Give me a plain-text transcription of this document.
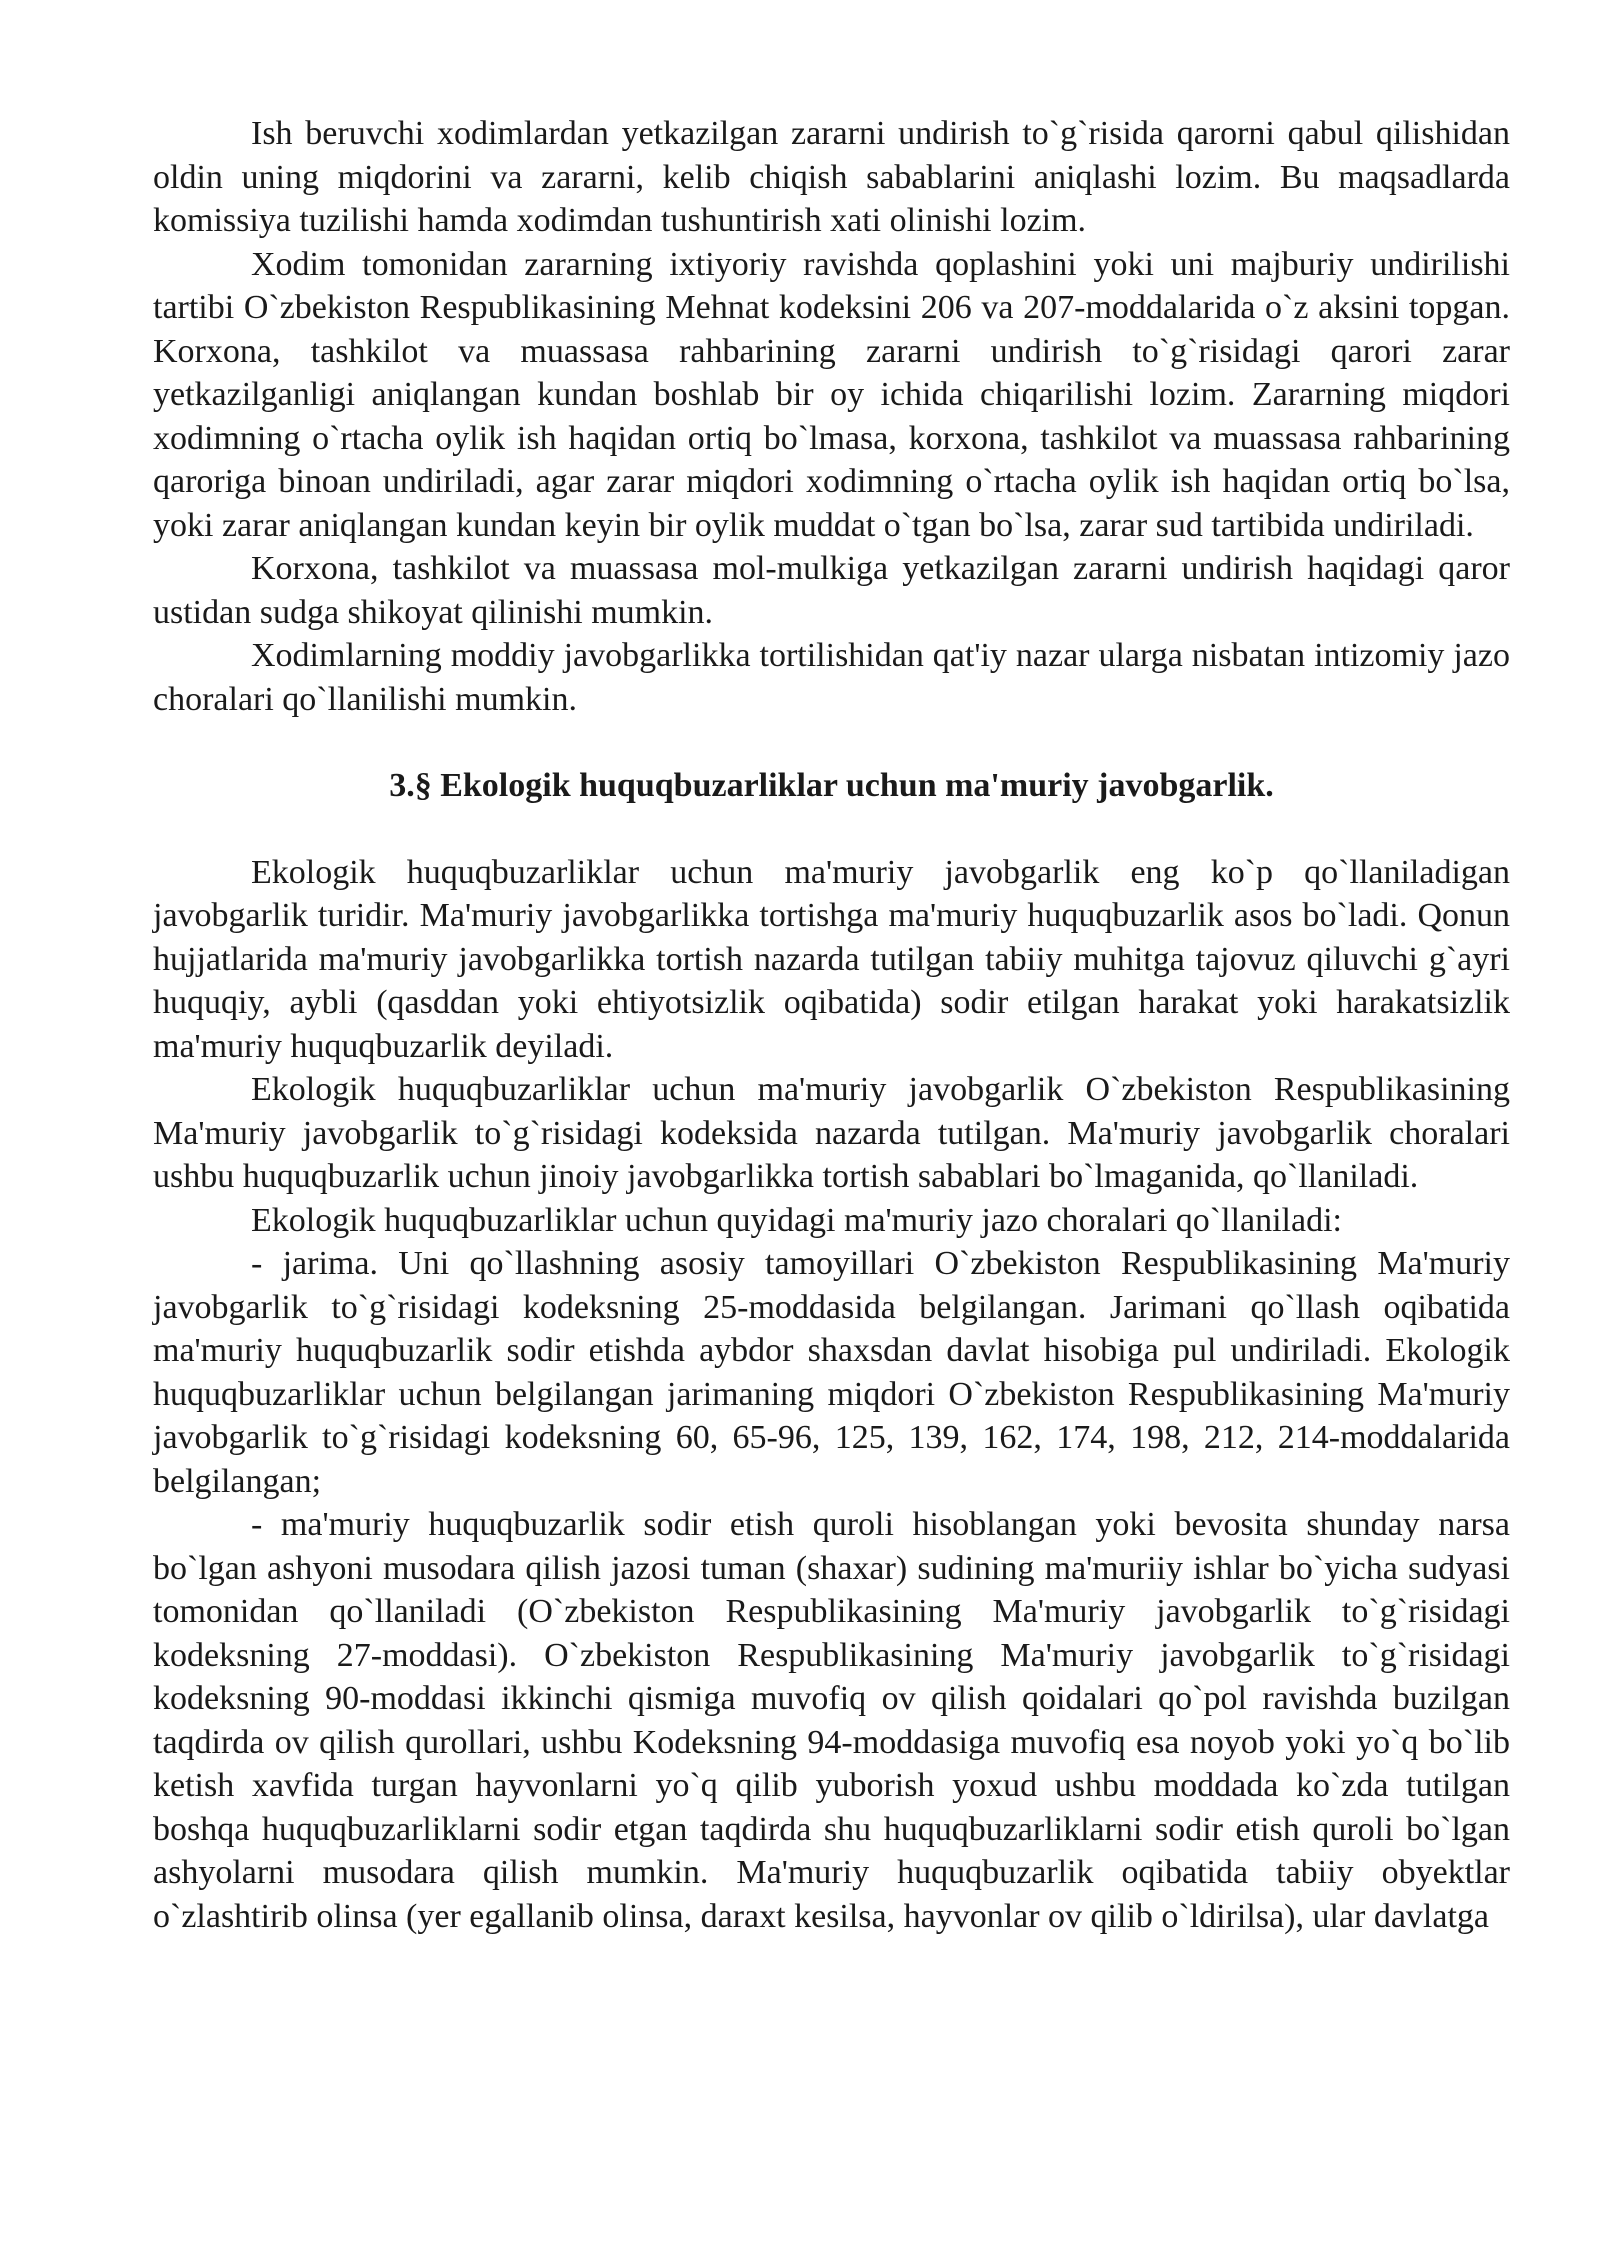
Ish beruvchi xodimlardan yetkazilgan zararni undirish to`g`risida qarorni qabul qilishidan oldin uning miqdorini va zararni, kelib chiqish sabablarini aniqlashi lozim. Bu maqsadlarda komissiya tuzilishi hamda xodimdan tushuntirish xati olinishi lozim.

Xodim tomonidan zararning ixtiyoriy ravishda qoplashini yoki uni majburiy undirilishi tartibi O`zbekiston Respublikasining Mehnat kodeksini 206 va 207-moddalarida o`z aksini topgan. Korxona, tashkilot va muassasa rahbarining zararni undirish to`g`risidagi qarori zarar yetkazilganligi aniqlangan kundan boshlab bir oy ichida chiqarilishi lozim. Zararning miqdori xodimning o`rtacha oylik ish haqidan ortiq bo`lmasa, korxona, tashkilot va muassasa rahbarining qaroriga binoan undiriladi, agar zarar miqdori xodimning o`rtacha oylik ish haqidan ortiq bo`lsa, yoki zarar aniqlangan kundan keyin bir oylik muddat o`tgan bo`lsa, zarar sud tartibida undiriladi.

Korxona, tashkilot va muassasa mol-mulkiga yetkazilgan zararni undirish haqidagi qaror ustidan sudga shikoyat qilinishi mumkin.

Xodimlarning moddiy javobgarlikka tortilishidan qat'iy nazar ularga nisbatan intizomiy jazo choralari qo`llanilishi mumkin.

3.§ Ekologik huquqbuzarliklar uchun ma'muriy javobgarlik.

Ekologik huquqbuzarliklar uchun ma'muriy javobgarlik eng ko`p qo`llaniladigan javobgarlik turidir. Ma'muriy javobgarlikka tortishga ma'muriy huquqbuzarlik asos bo`ladi. Qonun hujjatlarida ma'muriy javobgarlikka tortish nazarda tutilgan tabiiy muhitga tajovuz qiluvchi g`ayri huquqiy, aybli (qasddan yoki ehtiyotsizlik oqibatida) sodir etilgan harakat yoki harakatsizlik ma'muriy huquqbuzarlik deyiladi.

Ekologik huquqbuzarliklar uchun ma'muriy javobgarlik O`zbekiston Respublikasining Ma'muriy javobgarlik to`g`risidagi kodeksida nazarda tutilgan. Ma'muriy javobgarlik choralari ushbu huquqbuzarlik uchun jinoiy javobgarlikka tortish sabablari bo`lmaganida, qo`llaniladi.

Ekologik huquqbuzarliklar uchun quyidagi ma'muriy jazo choralari qo`llaniladi:

- jarima. Uni qo`llashning asosiy tamoyillari O`zbekiston Respublikasining Ma'muriy javobgarlik to`g`risidagi kodeksning 25-moddasida belgilangan. Jarimani qo`llash oqibatida ma'muriy huquqbuzarlik sodir etishda aybdor shaxsdan davlat hisobiga pul undiriladi. Ekologik huquqbuzarliklar uchun belgilangan jarimaning miqdori O`zbekiston Respublikasining Ma'muriy javobgarlik to`g`risidagi kodeksning 60, 65-96, 125, 139, 162, 174, 198, 212, 214-moddalarida belgilangan;

- ma'muriy huquqbuzarlik sodir etish quroli hisoblangan yoki bevosita shunday narsa bo`lgan ashyoni musodara qilish jazosi tuman (shaxar) sudining ma'muriiy ishlar bo`yicha sudyasi tomonidan qo`llaniladi (O`zbekiston Respublikasining Ma'muriy javobgarlik to`g`risidagi kodeksning 27-moddasi). O`zbekiston Respublikasining Ma'muriy javobgarlik to`g`risidagi kodeksning 90-moddasi ikkinchi qismiga muvofiq ov qilish qoidalari qo`pol ravishda buzilgan taqdirda ov qilish qurollari, ushbu Kodeksning 94-moddasiga muvofiq esa noyob yoki yo`q bo`lib ketish xavfida turgan hayvonlarni yo`q qilib yuborish yoxud ushbu moddada ko`zda tutilgan boshqa huquqbuzarliklarni sodir etgan taqdirda shu huquqbuzarliklarni sodir etish quroli bo`lgan ashyolarni musodara qilish mumkin. Ma'muriy huquqbuzarlik oqibatida tabiiy obyektlar o`zlashtirib olinsa (yer egallanib olinsa, daraxt kesilsa, hayvonlar ov qilib o`ldirilsa), ular davlatga
